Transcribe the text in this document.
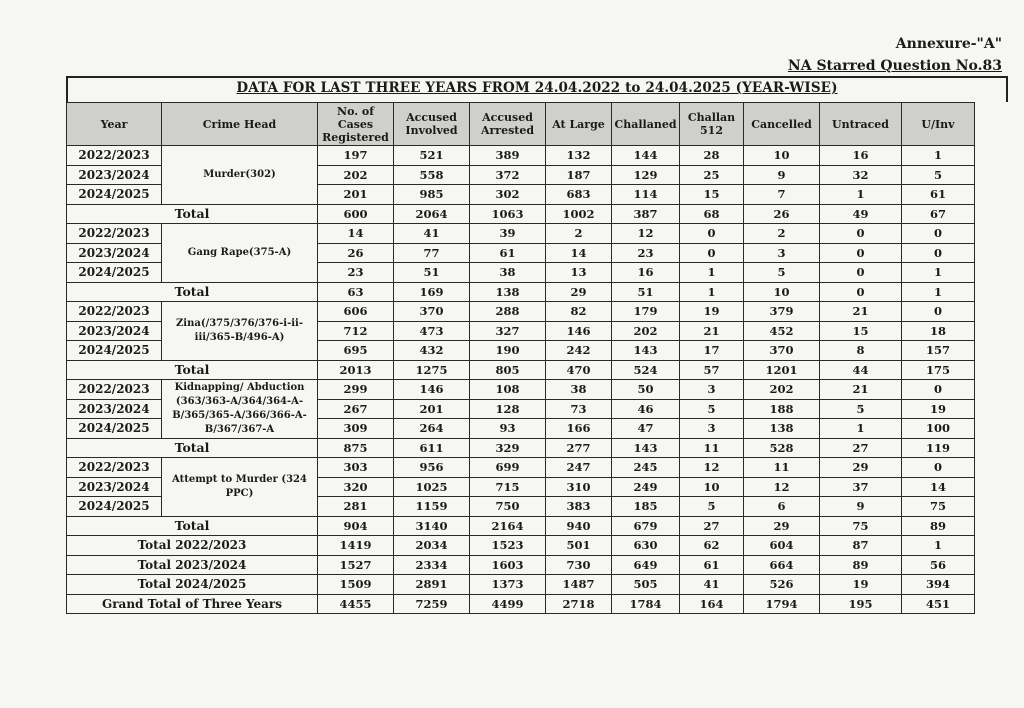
Annexure-"A"
NA Starred Question No.83
DATA FOR LAST THREE YEARS FROM 24.04.2022 to 24.04.2025 (YEAR-WISE)
Year	Crime Head	No. of Cases Registered	Accused Involved	Accused Arrested	At Large	Challaned	Challan 512	Cancelled	Untraced	U/Inv
2022/2023	Murder(302)	197	521	389	132	144	28	10	16	1
2023/2024		202	558	372	187	129	25	9	32	5
2024/2025		201	985	302	683	114	15	7	1	61
Total		600	2064	1063	1002	387	68	26	49	67
2022/2023	Gang Rape(375-A)	14	41	39	2	12	0	2	0	0
2023/2024		26	77	61	14	23	0	3	0	0
2024/2025		23	51	38	13	16	1	5	0	1
Total		63	169	138	29	51	1	10	0	1
2022/2023	Zina(/375/376/376-i-ii-iii/365-B/496-A)	606	370	288	82	179	19	379	21	0
2023/2024		712	473	327	146	202	21	452	15	18
2024/2025		695	432	190	242	143	17	370	8	157
Total		2013	1275	805	470	524	57	1201	44	175
2022/2023	Kidnapping/ Abduction (363/363-A/364/364-A-B/365/365-A/366/366-A-B/367/367-A	299	146	108	38	50	3	202	21	0
2023/2024		267	201	128	73	46	5	188	5	19
2024/2025		309	264	93	166	47	3	138	1	100
Total		875	611	329	277	143	11	528	27	119
2022/2023	Attempt to Murder (324 PPC)	303	956	699	247	245	12	11	29	0
2023/2024		320	1025	715	310	249	10	12	37	14
2024/2025		281	1159	750	383	185	5	6	9	75
Total		904	3140	2164	940	679	27	29	75	89
Total 2022/2023		1419	2034	1523	501	630	62	604	87	1
Total 2023/2024		1527	2334	1603	730	649	61	664	89	56
Total 2024/2025		1509	2891	1373	1487	505	41	526	19	394
Grand Total of Three Years		4455	7259	4499	2718	1784	164	1794	195	451
